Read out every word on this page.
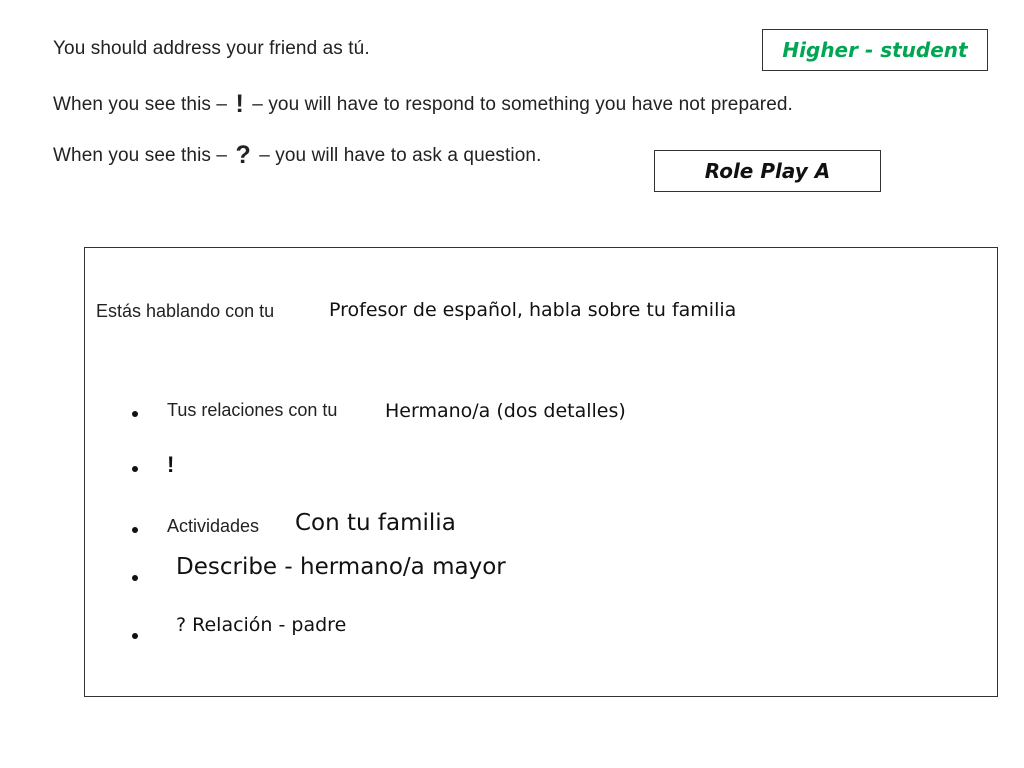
You should address your friend as tú.
When you see this – ! – you will have to respond to something you have not prepared.
When you see this – ? – you will have to ask a question.
Higher - student
Role Play A
Estás hablando con tu	Profesor de español, habla sobre tu familia
Tus relaciones con tu	Hermano/a (dos detalles)
!
Actividades Con tu familia
Describe - hermano/a mayor
? Relación - padre
